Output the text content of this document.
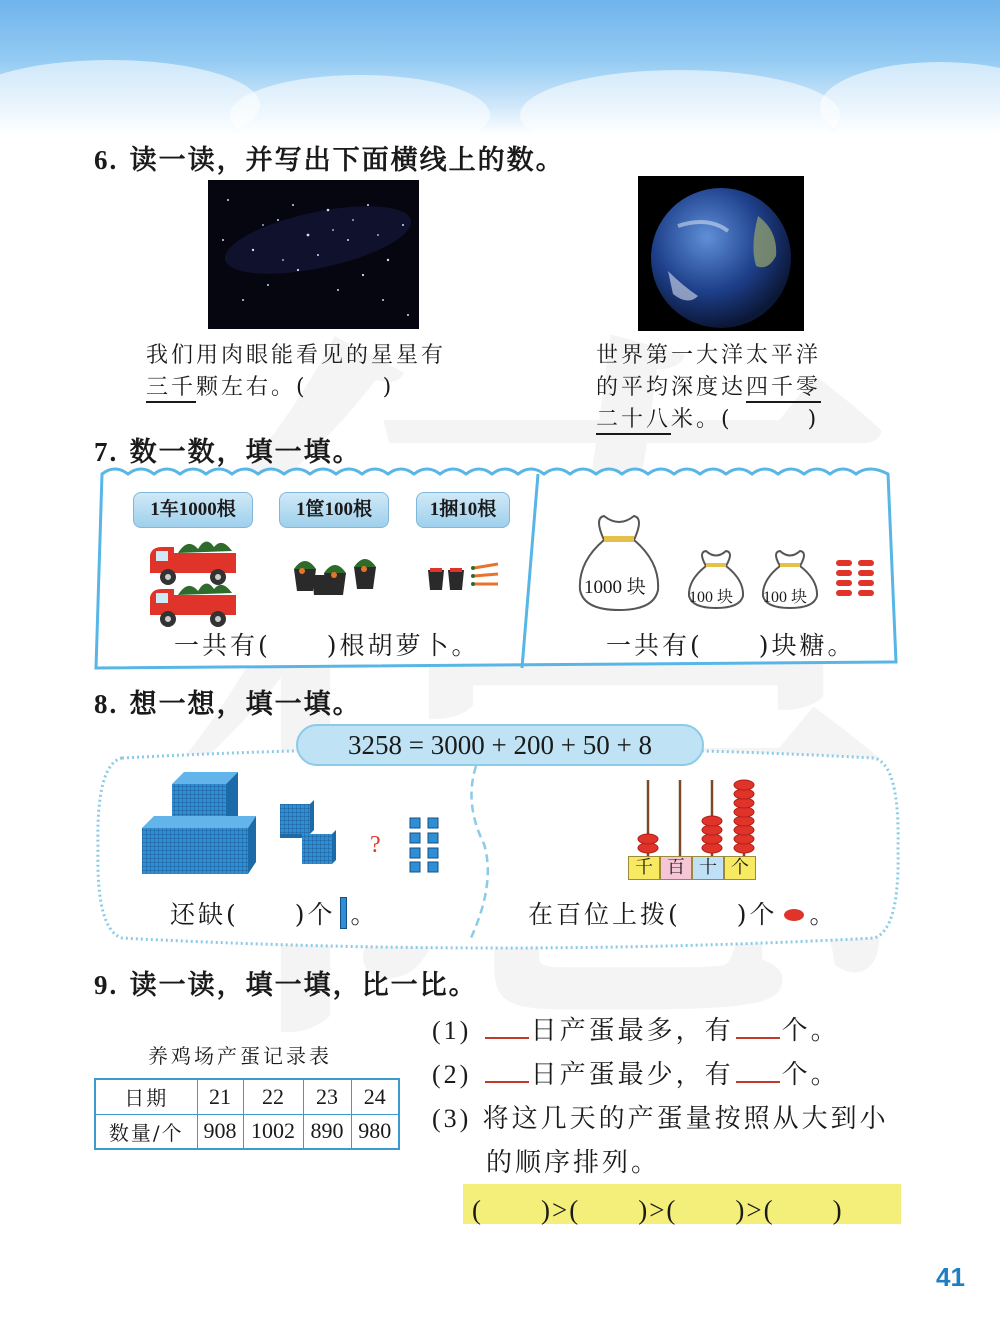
6. 读一读，并写出下面横线上的数。
我们用肉眼能看见的星星有
三千颗左右。(　　　)
世界第一大洋太平洋
的平均深度达四千零
二十八米。(　　　)
7. 数一数，填一填。
1车1000根	1筐100根	1捆10根
一共有(　　)根胡萝卜。
1000 块	100 块 100 块
一共有(　　)块糖。
8. 想一想，填一填。
3258 = 3000 + 200 + 50 + 8
?
还缺(　　)个 。
千 百 十 个
在百位上拨(　　)个 。
9. 读一读，填一填，比一比。
养鸡场产蛋记录表
日期	21	22	23	24
数量/个	908	1002	890	980
(1) 日产蛋最多，有 个。
(2) 日产蛋最少，有 个。
(3) 将这几天的产蛋量按照从大到小
的顺序排列。
(　　)>(　　)>(　　)>(　　)
41
